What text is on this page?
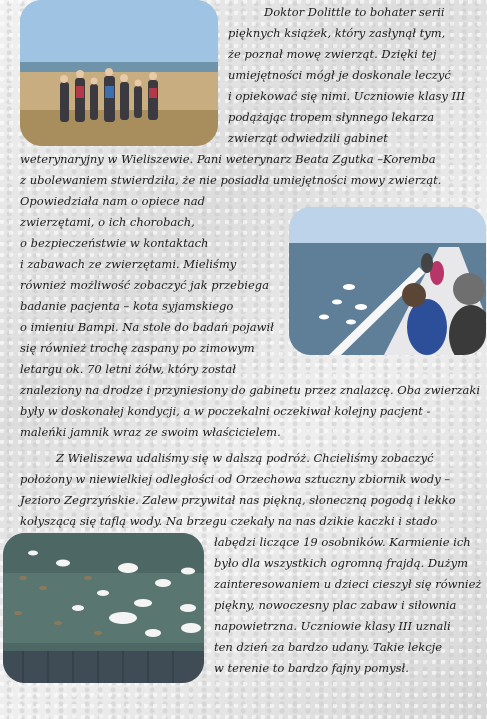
Doktor Dolittle to bohater serii
pięknych książek, który zasłynął tym,
że poznał mowę zwierząt. Dzięki tej
umiejętności mógł je doskonale leczyć
i opiekować się nimi. Uczniowie klasy III
podążając tropem słynnego lekarza
zwierząt odwiedzili gabinet
weterynaryjny w Wieliszewie. Pani weterynarz Beata Zgutka –Koremba
z ubolewaniem stwierdziła, że nie posiadła umiejętności mowy zwierząt.
Opowiedziała nam o opiece nad
zwierzętami, o ich chorobach,
o bezpieczeństwie w kontaktach
i zabawach ze zwierzętami. Mieliśmy
również możliwość zobaczyć jak przebiega
badanie pacjenta – kota syjamskiego
o imieniu Bampi. Na stole do badań pojawił
się również trochę zaspany po zimowym
letargu ok. 70 letni żółw, który został
znaleziony na drodze i przyniesiony do gabinetu przez znalazcę. Oba zwierzaki
były w doskonałej kondycji, a w poczekalni oczekiwał kolejny pacjent -
maleńki jamnik wraz ze swoim właścicielem.
Z Wieliszewa udaliśmy się w dalszą podróż. Chcieliśmy zobaczyć
położony w niewielkiej odległości od Orzechowa sztuczny zbiornik wody –
Jezioro Zegrzyńskie. Zalew przywitał nas piękną, słoneczną pogodą i lekko
kołyszącą się taflą wody. Na brzegu czekały na nas dzikie kaczki i stado
łabędzi liczące 19 osobników. Karmienie ich
było dla wszystkich ogromną frajdą. Dużym
zainteresowaniem u dzieci cieszył się również
piękny, nowoczesny plac zabaw i siłownia
napowietrzna. Uczniowie klasy III uznali
ten dzień za bardzo udany. Takie lekcje
w terenie to bardzo fajny pomysł.
